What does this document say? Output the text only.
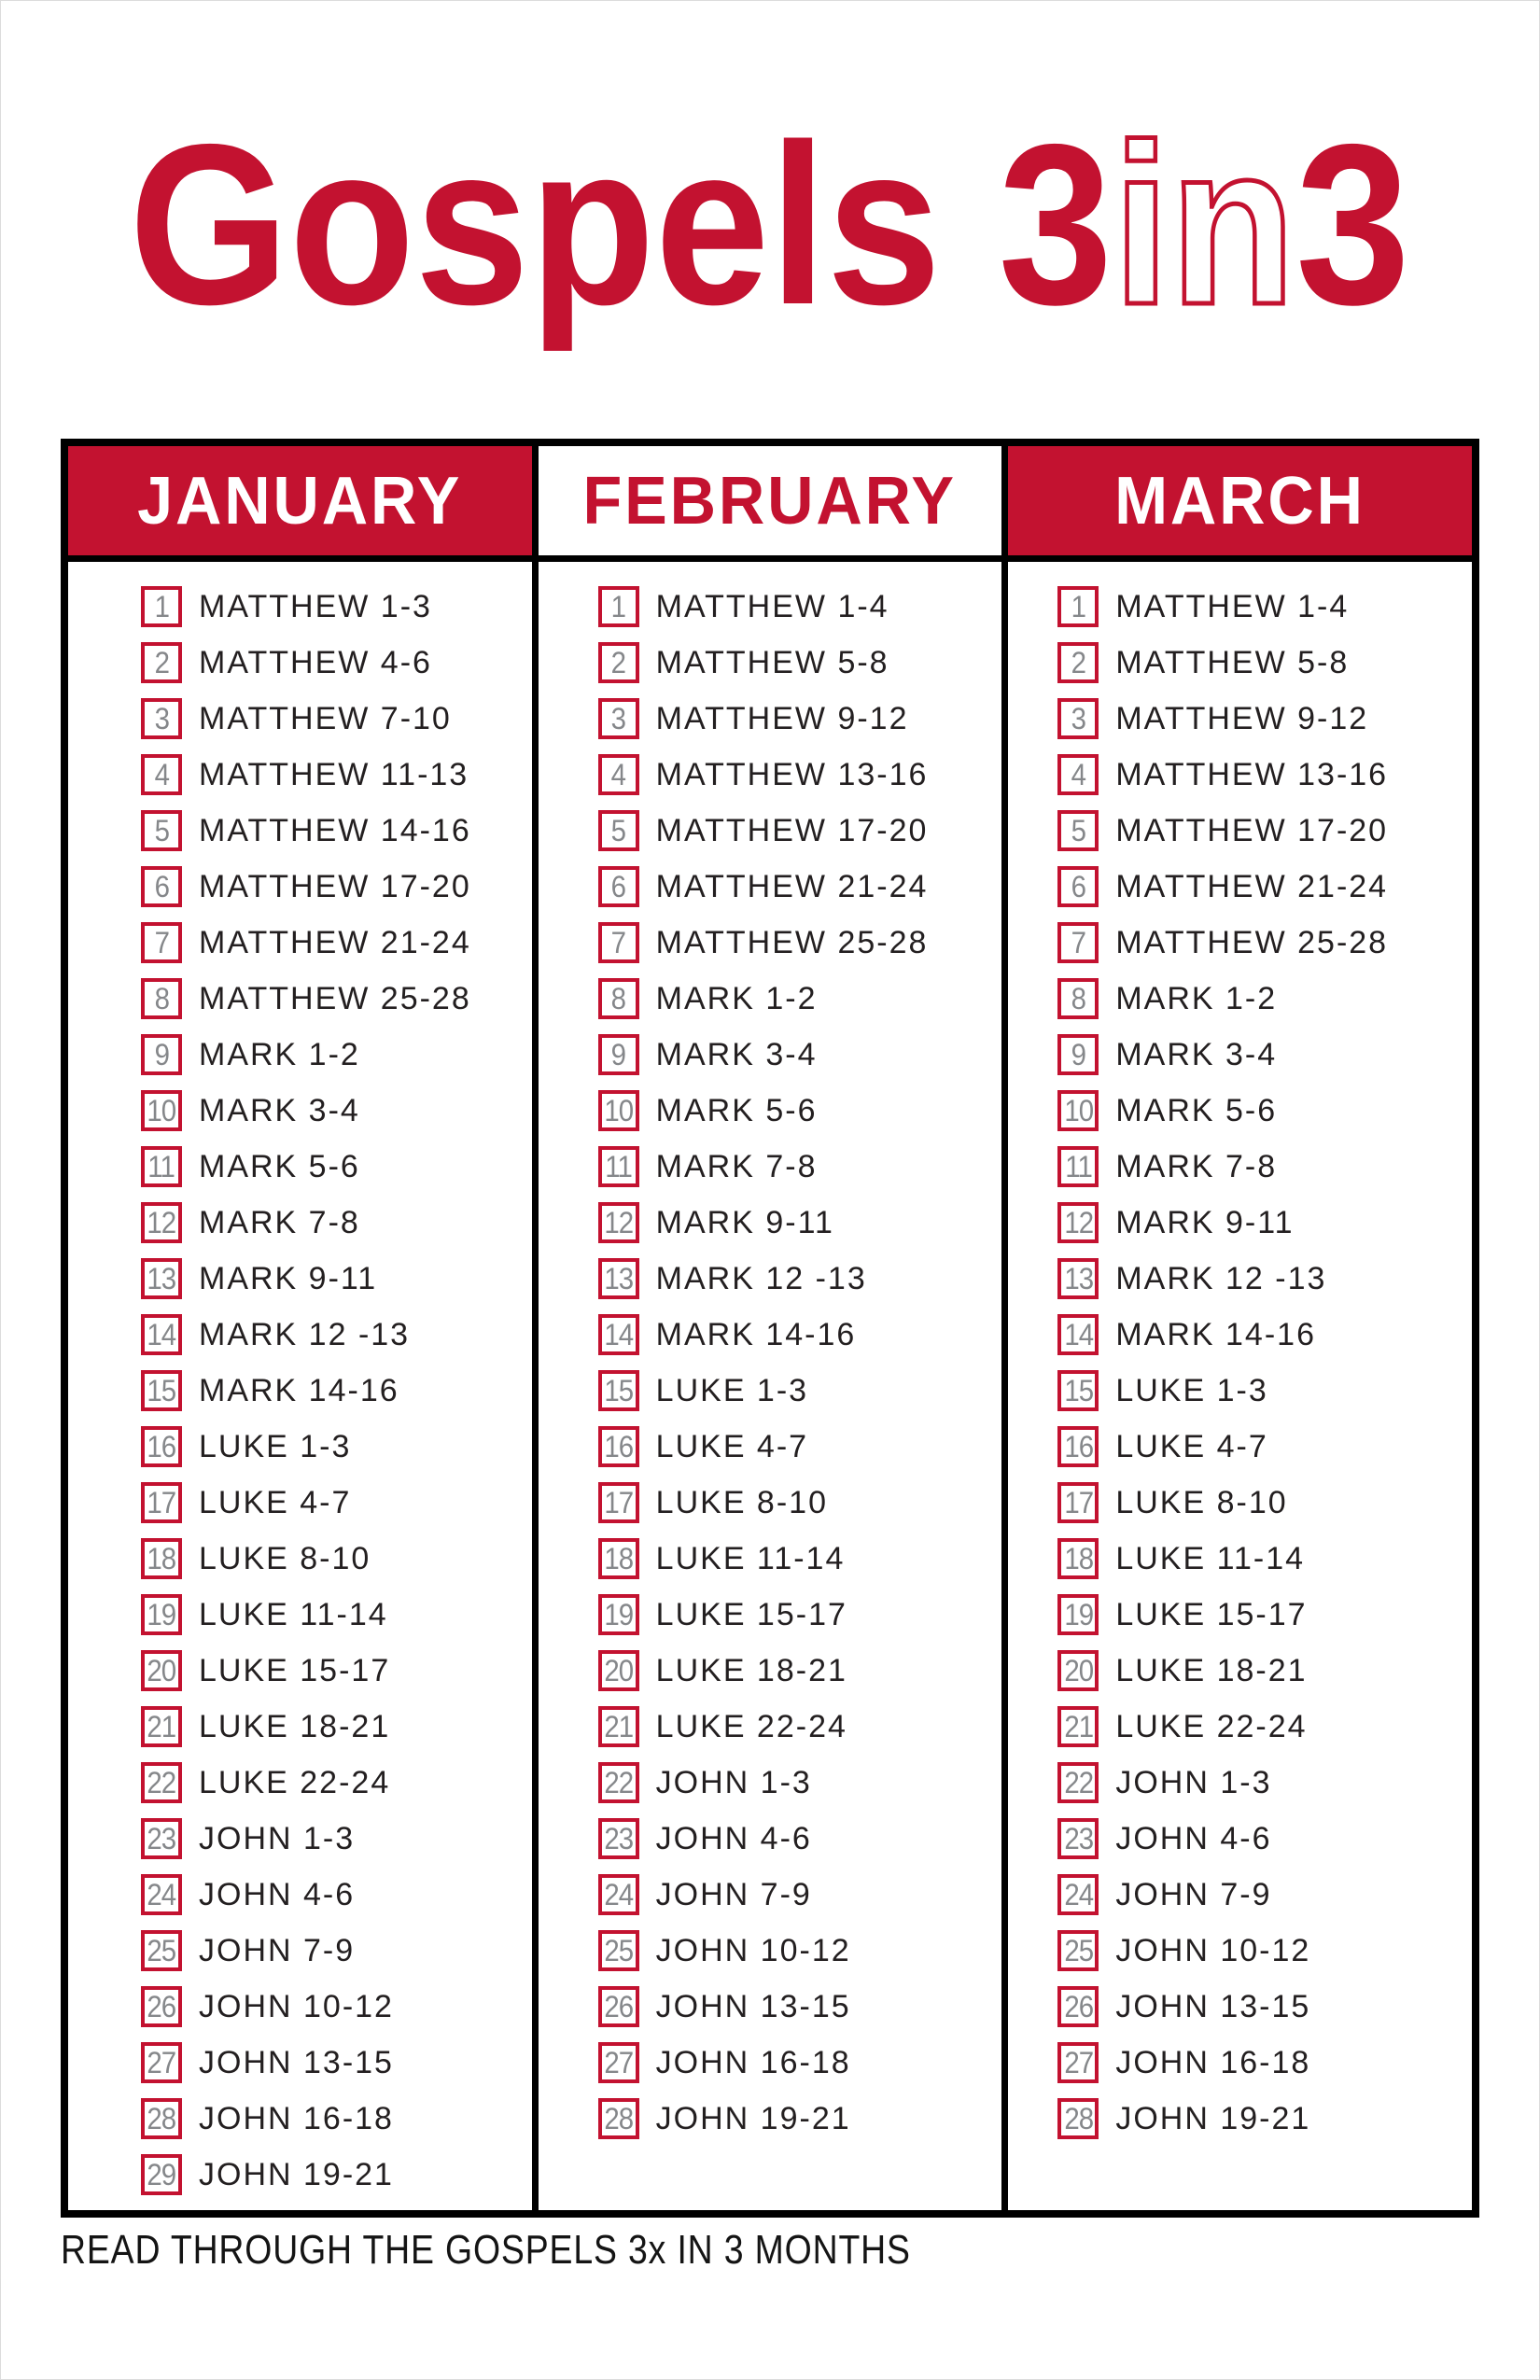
Gospels 3in3
JANUARY
1 MATTHEW 1-3
2 MATTHEW 4-6
3 MATTHEW 7-10
4 MATTHEW 11-13
5 MATTHEW 14-16
6 MATTHEW 17-20
7 MATTHEW 21-24
8 MATTHEW 25-28
9 MARK 1-2
10 MARK 3-4
11 MARK 5-6
12 MARK 7-8
13 MARK 9-11
14 MARK 12 -13
15 MARK 14-16
16 LUKE 1-3
17 LUKE 4-7
18 LUKE 8-10
19 LUKE 11-14
20 LUKE 15-17
21 LUKE 18-21
22 LUKE 22-24
23 JOHN 1-3
24 JOHN 4-6
25 JOHN 7-9
26 JOHN 10-12
27 JOHN 13-15
28 JOHN 16-18
29 JOHN 19-21
FEBRUARY
1 MATTHEW 1-4
2 MATTHEW 5-8
3 MATTHEW 9-12
4 MATTHEW 13-16
5 MATTHEW 17-20
6 MATTHEW 21-24
7 MATTHEW 25-28
8 MARK 1-2
9 MARK 3-4
10 MARK 5-6
11 MARK 7-8
12 MARK 9-11
13 MARK 12 -13
14 MARK 14-16
15 LUKE 1-3
16 LUKE 4-7
17 LUKE 8-10
18 LUKE 11-14
19 LUKE 15-17
20 LUKE 18-21
21 LUKE 22-24
22 JOHN 1-3
23 JOHN 4-6
24 JOHN 7-9
25 JOHN 10-12
26 JOHN 13-15
27 JOHN 16-18
28 JOHN 19-21
MARCH
1 MATTHEW 1-4
2 MATTHEW 5-8
3 MATTHEW 9-12
4 MATTHEW 13-16
5 MATTHEW 17-20
6 MATTHEW 21-24
7 MATTHEW 25-28
8 MARK 1-2
9 MARK 3-4
10 MARK 5-6
11 MARK 7-8
12 MARK 9-11
13 MARK 12 -13
14 MARK 14-16
15 LUKE 1-3
16 LUKE 4-7
17 LUKE 8-10
18 LUKE 11-14
19 LUKE 15-17
20 LUKE 18-21
21 LUKE 22-24
22 JOHN 1-3
23 JOHN 4-6
24 JOHN 7-9
25 JOHN 10-12
26 JOHN 13-15
27 JOHN 16-18
28 JOHN 19-21
READ THROUGH THE GOSPELS 3x IN 3 MONTHS
